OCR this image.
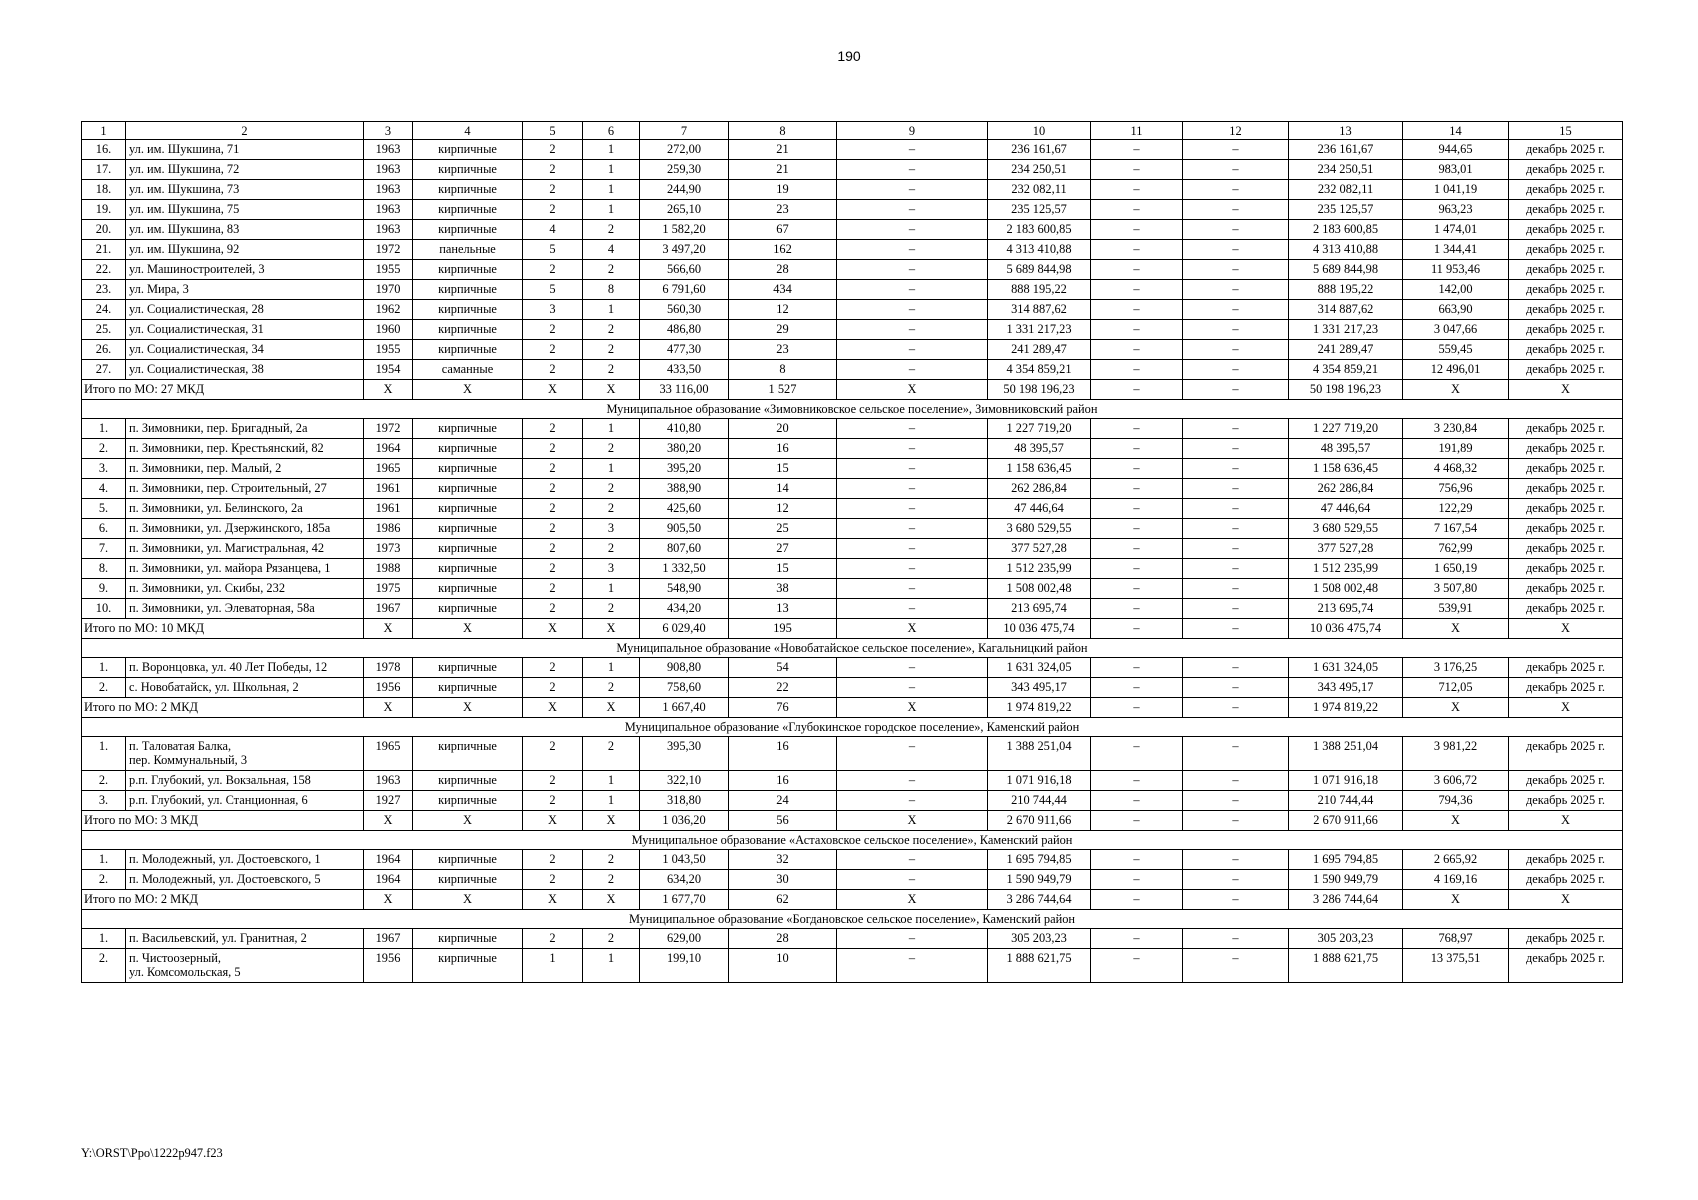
190
1	2	3	4	5	6	7	8	9	10	11	12	13	14	15
16.	ул. им. Шукшина, 71	1963	кирпичные	2	1	272,00	21	–	236 161,67	–	–	236 161,67	944,65	декабрь 2025 г.
17.	ул. им. Шукшина, 72	1963	кирпичные	2	1	259,30	21	–	234 250,51	–	–	234 250,51	983,01	декабрь 2025 г.
18.	ул. им. Шукшина, 73	1963	кирпичные	2	1	244,90	19	–	232 082,11	–	–	232 082,11	1 041,19	декабрь 2025 г.
19.	ул. им. Шукшина, 75	1963	кирпичные	2	1	265,10	23	–	235 125,57	–	–	235 125,57	963,23	декабрь 2025 г.
20.	ул. им. Шукшина, 83	1963	кирпичные	4	2	1 582,20	67	–	2 183 600,85	–	–	2 183 600,85	1 474,01	декабрь 2025 г.
21.	ул. им. Шукшина, 92	1972	панельные	5	4	3 497,20	162	–	4 313 410,88	–	–	4 313 410,88	1 344,41	декабрь 2025 г.
22.	ул. Машиностроителей, 3	1955	кирпичные	2	2	566,60	28	–	5 689 844,98	–	–	5 689 844,98	11 953,46	декабрь 2025 г.
23.	ул. Мира, 3	1970	кирпичные	5	8	6 791,60	434	–	888 195,22	–	–	888 195,22	142,00	декабрь 2025 г.
24.	ул. Социалистическая, 28	1962	кирпичные	3	1	560,30	12	–	314 887,62	–	–	314 887,62	663,90	декабрь 2025 г.
25.	ул. Социалистическая, 31	1960	кирпичные	2	2	486,80	29	–	1 331 217,23	–	–	1 331 217,23	3 047,66	декабрь 2025 г.
26.	ул. Социалистическая, 34	1955	кирпичные	2	2	477,30	23	–	241 289,47	–	–	241 289,47	559,45	декабрь 2025 г.
27.	ул. Социалистическая, 38	1954	саманные	2	2	433,50	8	–	4 354 859,21	–	–	4 354 859,21	12 496,01	декабрь 2025 г.
Итого по МО: 27 МКД		X	X	X	X	33 116,00	1 527	X	50 198 196,23	–	–	50 198 196,23	X	X
Муниципальное образование «Зимовниковское сельское поселение», Зимовниковский район														
1.	п. Зимовники, пер. Бригадный, 2а	1972	кирпичные	2	1	410,80	20	–	1 227 719,20	–	–	1 227 719,20	3 230,84	декабрь 2025 г.
2.	п. Зимовники, пер. Крестьянский, 82	1964	кирпичные	2	2	380,20	16	–	48 395,57	–	–	48 395,57	191,89	декабрь 2025 г.
3.	п. Зимовники, пер. Малый, 2	1965	кирпичные	2	1	395,20	15	–	1 158 636,45	–	–	1 158 636,45	4 468,32	декабрь 2025 г.
4.	п. Зимовники, пер. Строительный, 27	1961	кирпичные	2	2	388,90	14	–	262 286,84	–	–	262 286,84	756,96	декабрь 2025 г.
5.	п. Зимовники, ул. Белинского, 2а	1961	кирпичные	2	2	425,60	12	–	47 446,64	–	–	47 446,64	122,29	декабрь 2025 г.
6.	п. Зимовники, ул. Дзержинского, 185а	1986	кирпичные	2	3	905,50	25	–	3 680 529,55	–	–	3 680 529,55	7 167,54	декабрь 2025 г.
7.	п. Зимовники, ул. Магистральная, 42	1973	кирпичные	2	2	807,60	27	–	377 527,28	–	–	377 527,28	762,99	декабрь 2025 г.
8.	п. Зимовники, ул. майора Рязанцева, 1	1988	кирпичные	2	3	1 332,50	15	–	1 512 235,99	–	–	1 512 235,99	1 650,19	декабрь 2025 г.
9.	п. Зимовники, ул. Скибы, 232	1975	кирпичные	2	1	548,90	38	–	1 508 002,48	–	–	1 508 002,48	3 507,80	декабрь 2025 г.
10.	п. Зимовники, ул. Элеваторная, 58а	1967	кирпичные	2	2	434,20	13	–	213 695,74	–	–	213 695,74	539,91	декабрь 2025 г.
Итого по МО: 10 МКД		X	X	X	X	6 029,40	195	X	10 036 475,74	–	–	10 036 475,74	X	X
Муниципальное образование «Новобатайское сельское поселение», Кагальницкий район														
1.	п. Воронцовка, ул. 40 Лет Победы, 12	1978	кирпичные	2	1	908,80	54	–	1 631 324,05	–	–	1 631 324,05	3 176,25	декабрь 2025 г.
2.	с. Новобатайск, ул. Школьная, 2	1956	кирпичные	2	2	758,60	22	–	343 495,17	–	–	343 495,17	712,05	декабрь 2025 г.
Итого по МО: 2 МКД		X	X	X	X	1 667,40	76	X	1 974 819,22	–	–	1 974 819,22	X	X
Муниципальное образование «Глубокинское городское поселение», Каменский район														
1.	п. Таловатая Балка,
пер. Коммунальный, 3	1965	кирпичные	2	2	395,30	16	–	1 388 251,04	–	–	1 388 251,04	3 981,22	декабрь 2025 г.
2.	р.п. Глубокий, ул. Вокзальная, 158	1963	кирпичные	2	1	322,10	16	–	1 071 916,18	–	–	1 071 916,18	3 606,72	декабрь 2025 г.
3.	р.п. Глубокий, ул. Станционная, 6	1927	кирпичные	2	1	318,80	24	–	210 744,44	–	–	210 744,44	794,36	декабрь 2025 г.
Итого по МО: 3 МКД		X	X	X	X	1 036,20	56	X	2 670 911,66	–	–	2 670 911,66	X	X
Муниципальное образование «Астаховское сельское поселение», Каменский район														
1.	п. Молодежный, ул. Достоевского, 1	1964	кирпичные	2	2	1 043,50	32	–	1 695 794,85	–	–	1 695 794,85	2 665,92	декабрь 2025 г.
2.	п. Молодежный, ул. Достоевского, 5	1964	кирпичные	2	2	634,20	30	–	1 590 949,79	–	–	1 590 949,79	4 169,16	декабрь 2025 г.
Итого по МО: 2 МКД		X	X	X	X	1 677,70	62	X	3 286 744,64	–	–	3 286 744,64	X	X
Муниципальное образование «Богдановское сельское поселение», Каменский район														
1.	п. Васильевский, ул. Гранитная, 2	1967	кирпичные	2	2	629,00	28	–	305 203,23	–	–	305 203,23	768,97	декабрь 2025 г.
2.	п. Чистоозерный,
ул. Комсомольская, 5	1956	кирпичные	1	1	199,10	10	–	1 888 621,75	–	–	1 888 621,75	13 375,51	декабрь 2025 г.
Y:\ORST\Ppo\1222p947.f23
